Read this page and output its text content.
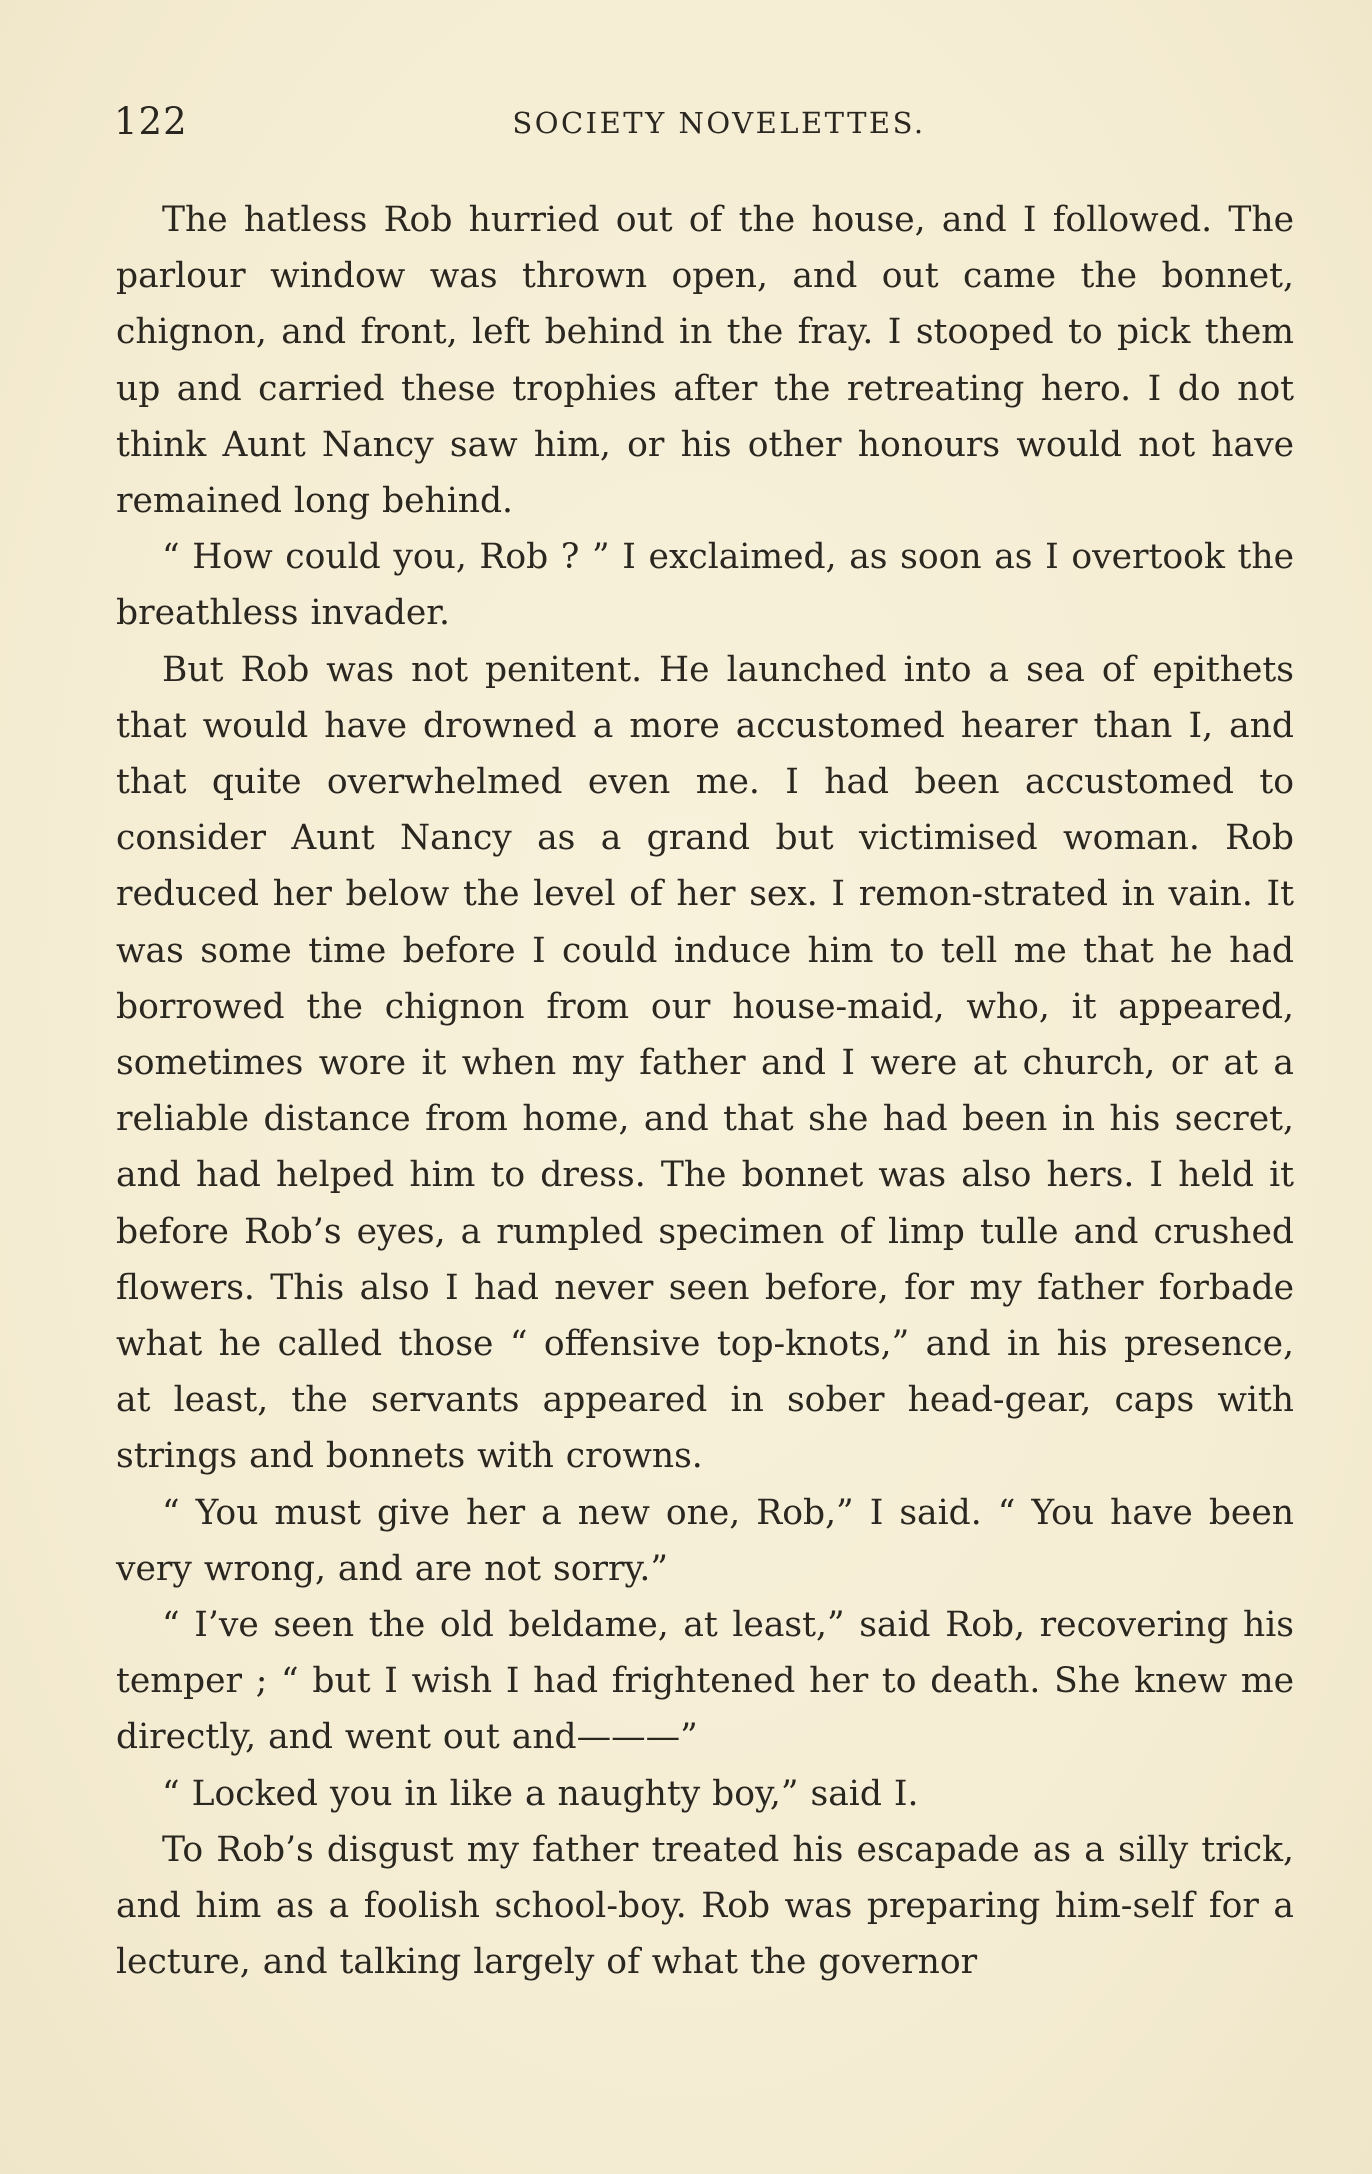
122	SOCIETY NOVELETTES.

The hatless Rob hurried out of the house, and I followed. The parlour window was thrown open, and out came the bonnet, chignon, and front, left behind in the fray. I stooped to pick them up and carried these trophies after the retreating hero. I do not think Aunt Nancy saw him, or his other honours would not have remained long behind.

“ How could you, Rob ? ” I exclaimed, as soon as I overtook the breathless invader.

But Rob was not penitent. He launched into a sea of epithets that would have drowned a more accustomed hearer than I, and that quite overwhelmed even me. I had been accustomed to consider Aunt Nancy as a grand but victimised woman. Rob reduced her below the level of her sex. I remon-strated in vain. It was some time before I could induce him to tell me that he had borrowed the chignon from our house-maid, who, it appeared, sometimes wore it when my father and I were at church, or at a reliable distance from home, and that she had been in his secret, and had helped him to dress. The bonnet was also hers. I held it before Rob’s eyes, a rumpled specimen of limp tulle and crushed flowers. This also I had never seen before, for my father forbade what he called those “ offensive top-knots,” and in his presence, at least, the servants appeared in sober head-gear, caps with strings and bonnets with crowns.

“ You must give her a new one, Rob,” I said. “ You have been very wrong, and are not sorry.”

“ I’ve seen the old beldame, at least,” said Rob, recovering his temper ; “ but I wish I had frightened her to death. She knew me directly, and went out and———”

“ Locked you in like a naughty boy,” said I.

To Rob’s disgust my father treated his escapade as a silly trick, and him as a foolish school-boy. Rob was preparing him-self for a lecture, and talking largely of what the governor
